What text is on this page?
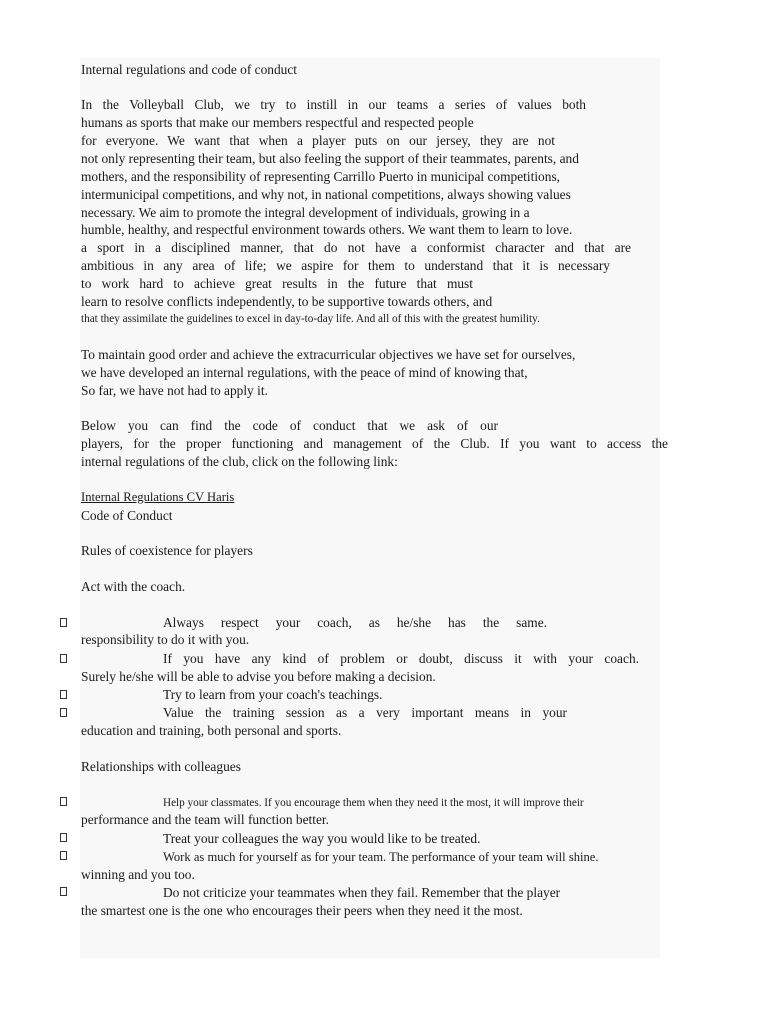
Internal regulations and code of conduct
In the Volleyball Club, we try to instill in our teams a series of values both
humans as sports that make our members respectful and respected people
for everyone. We want that when a player puts on our jersey, they are not
not only representing their team, but also feeling the support of their teammates, parents, and
mothers, and the responsibility of representing Carrillo Puerto in municipal competitions,
intermunicipal competitions, and why not, in national competitions, always showing values
necessary. We aim to promote the integral development of individuals, growing in a
humble, healthy, and respectful environment towards others. We want them to learn to love.
a sport in a disciplined manner, that do not have a conformist character and that are
ambitious in any area of life; we aspire for them to understand that it is necessary
to work hard to achieve great results in the future that must
learn to resolve conflicts independently, to be supportive towards others, and
that they assimilate the guidelines to excel in day-to-day life. And all of this with the greatest humility.
To maintain good order and achieve the extracurricular objectives we have set for ourselves,
we have developed an internal regulations, with the peace of mind of knowing that,
So far, we have not had to apply it.
Below you can find the code of conduct that we ask of our
players, for the proper functioning and management of the Club. If you want to access the
internal regulations of the club, click on the following link:
Internal Regulations CV Haris
Code of Conduct
Rules of coexistence for players
Act with the coach.
Always respect your coach, as he/she has the same.
responsibility to do it with you.
If you have any kind of problem or doubt, discuss it with your coach.
Surely he/she will be able to advise you before making a decision.
Try to learn from your coach's teachings.
Value the training session as a very important means in your
education and training, both personal and sports.
Relationships with colleagues
Help your classmates. If you encourage them when they need it the most, it will improve their
performance and the team will function better.
Treat your colleagues the way you would like to be treated.
Work as much for yourself as for your team. The performance of your team will shine.
winning and you too.
Do not criticize your teammates when they fail. Remember that the player
the smartest one is the one who encourages their peers when they need it the most.
